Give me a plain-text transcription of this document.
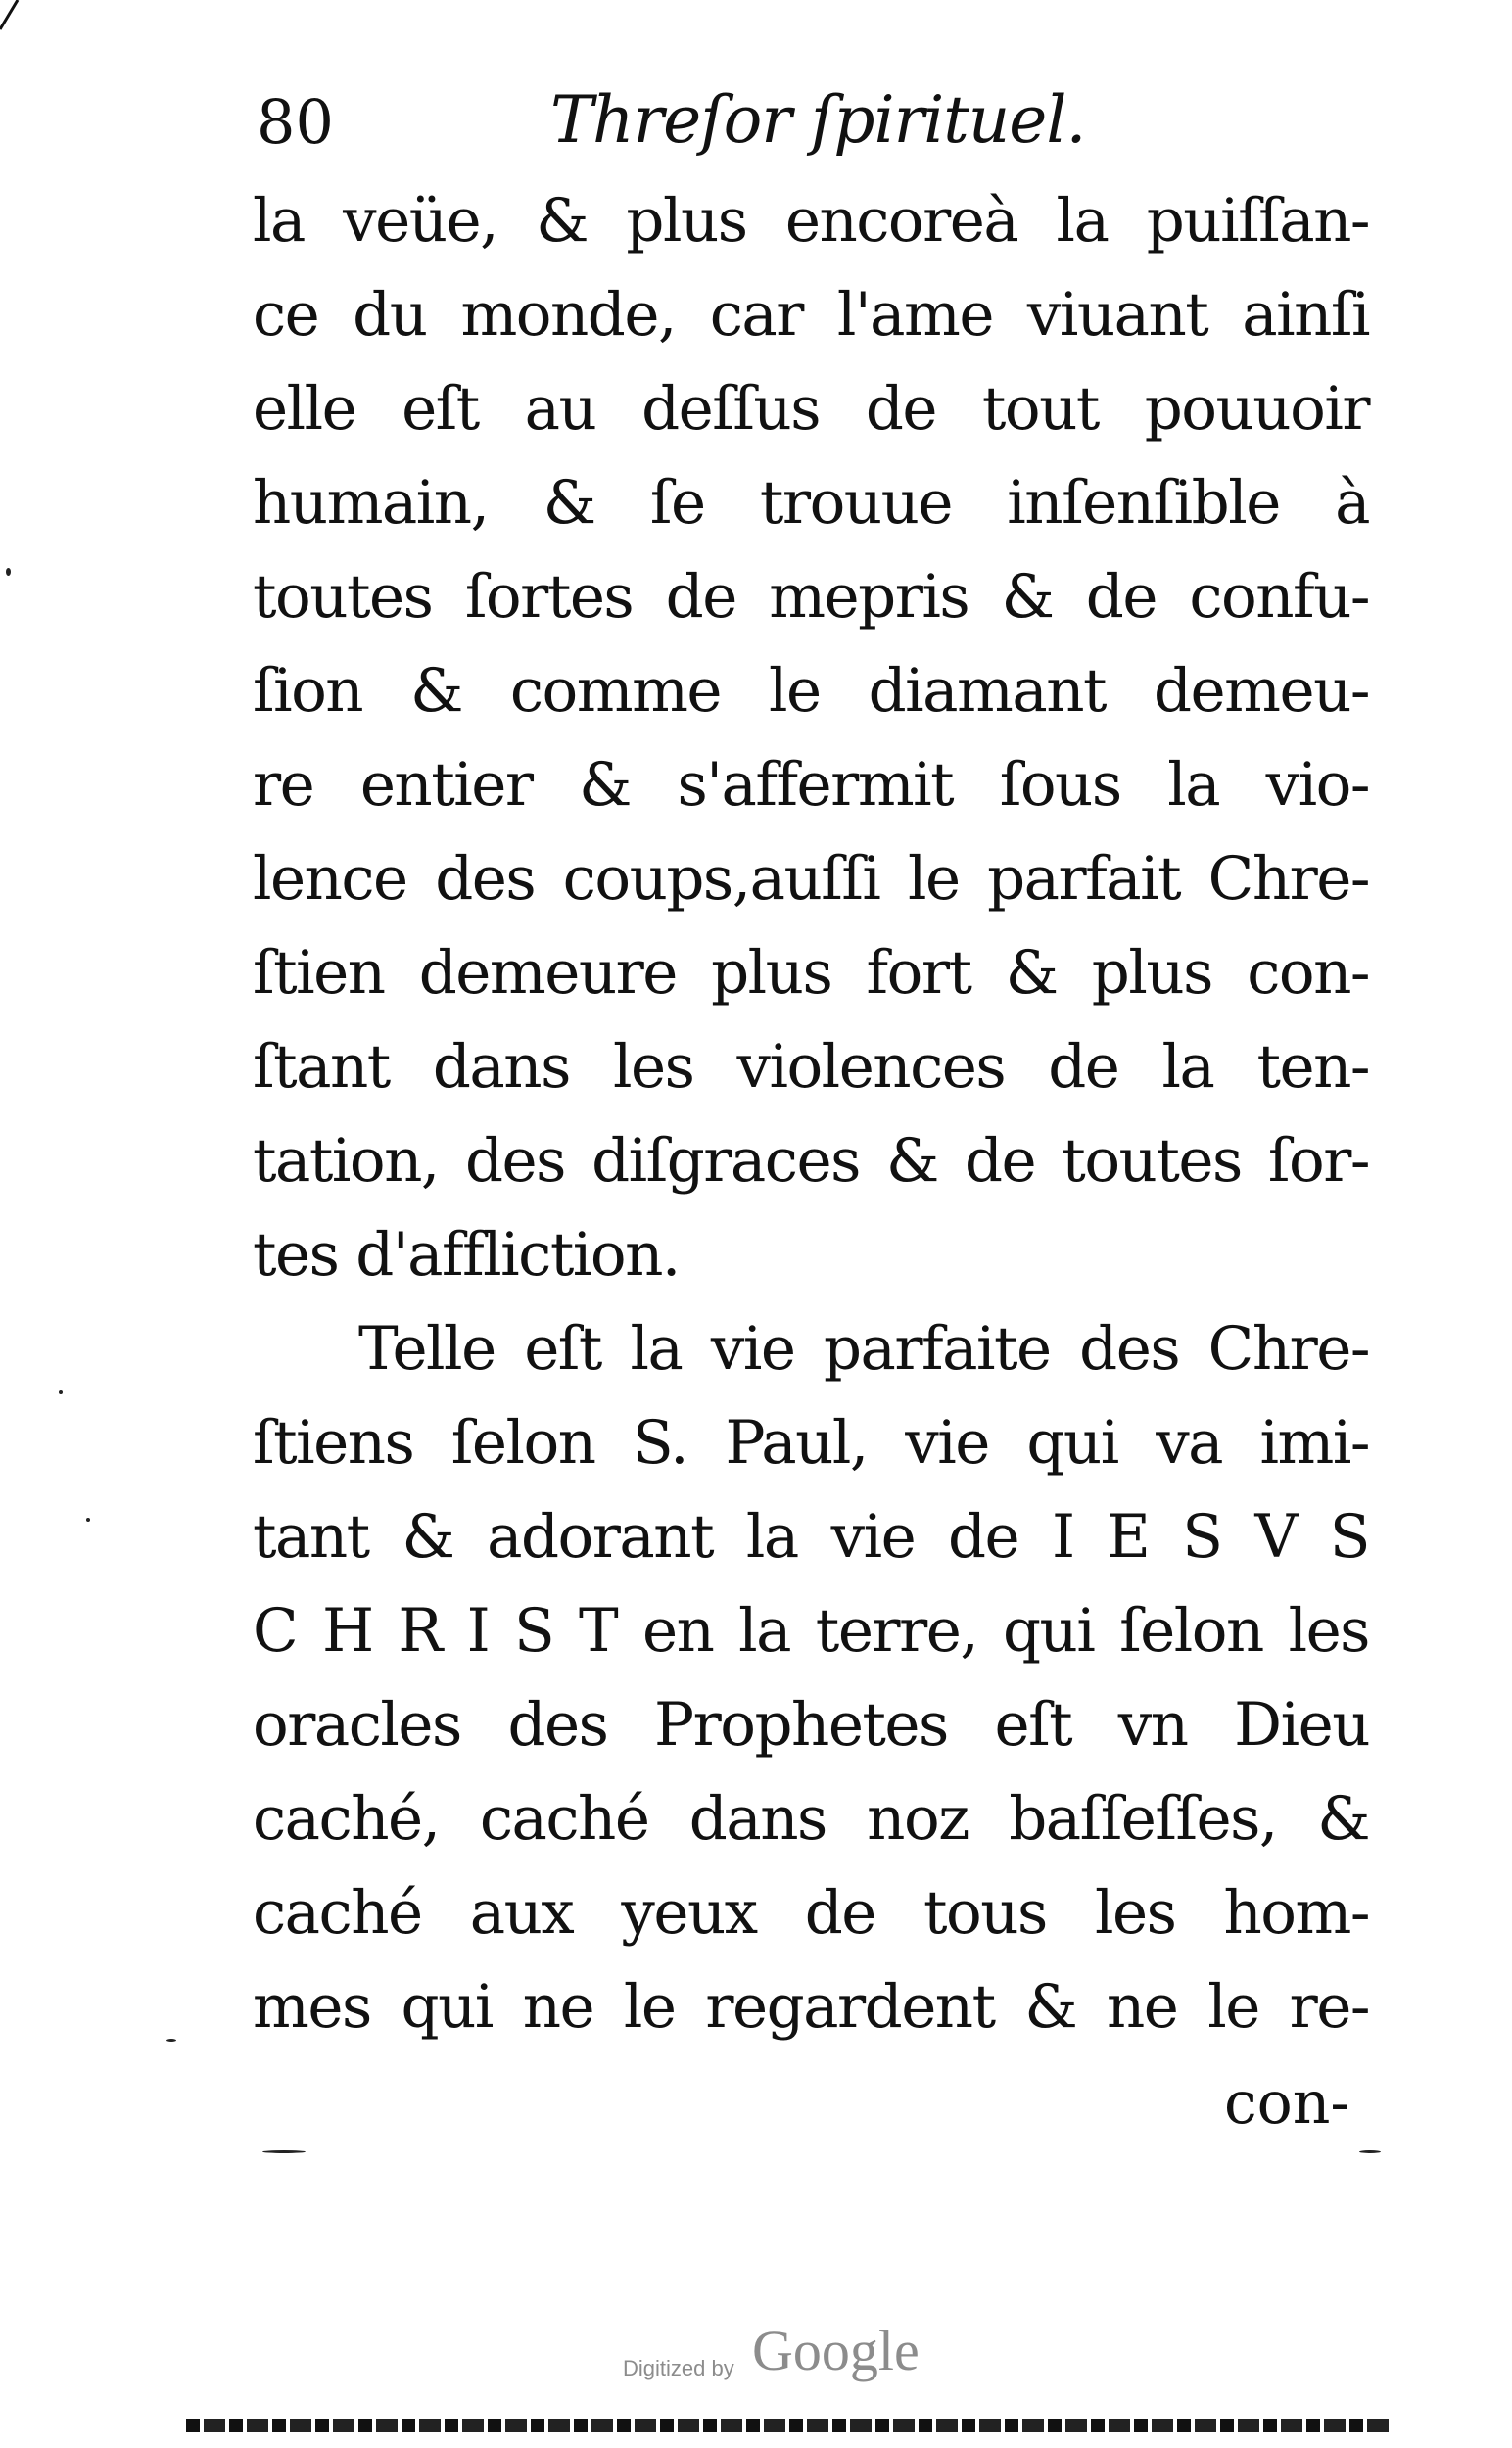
80	Threſor ſpirituel.
la veüe, & plus encoreà la puiſſan-
ce du monde, car l'ame viuant ainſi
elle eſt au deſſus de tout pouuoir
humain, & ſe trouue inſenſible à
toutes ſortes de mepris & de confu-
ſion & comme le diamant demeu-
re entier & s'affermit ſous la vio-
lence des coups,auſſi le parfait Chre-
ſtien demeure plus fort & plus con-
ſtant dans les violences de la ten-
tation, des diſgraces & de toutes ſor-
tes d'affliction.
Telle eſt la vie parfaite des Chre-
ſtiens ſelon S. Paul, vie qui va imi-
tant & adorant la vie de I E S V S
C H R I S T en la terre, qui ſelon les
oracles des Prophetes eſt vn Dieu
caché, caché dans noz baſſeſſes, &
caché aux yeux de tous les hom-
mes qui ne le regardent & ne le re-
con-
Digitized by Google
